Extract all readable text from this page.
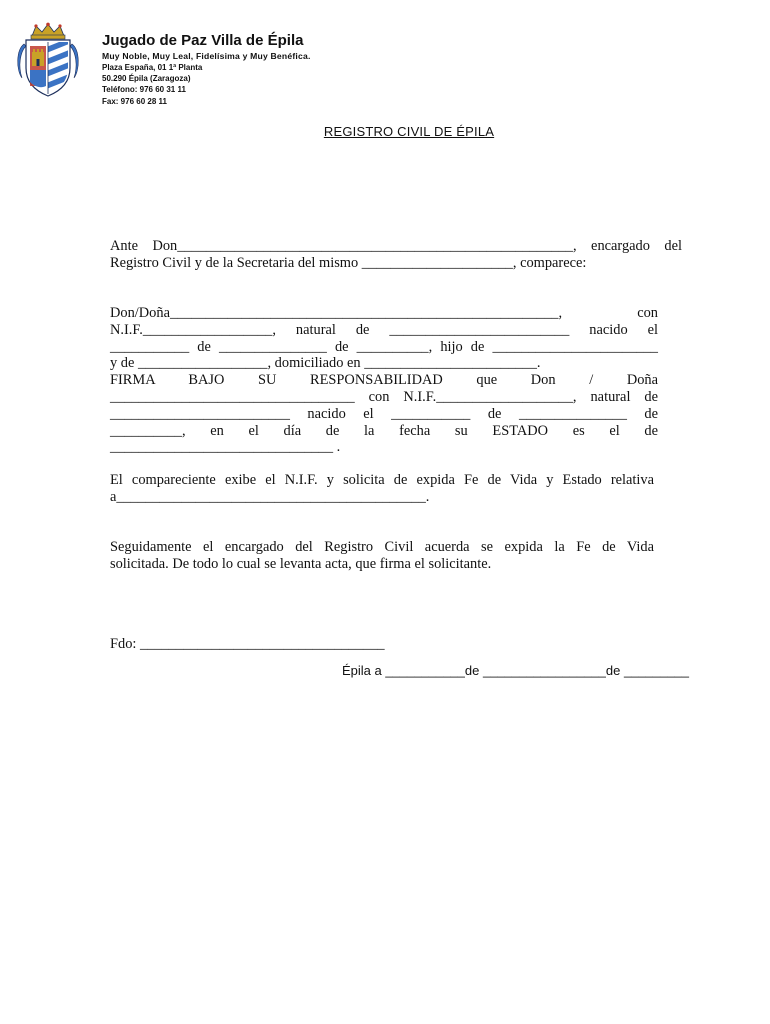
Jugado de Paz Villa de Épila
Muy Noble, Muy Leal, Fidelísima y Muy Benéfica.
Plaza España, 01 1ª Planta
50.290 Épila (Zaragoza)
Teléfono: 976 60 31 11
Fax: 976 60 28 11
REGISTRO CIVIL DE ÉPILA
Ante Don_______________________________________________________, encargado del
Registro Civil y de la Secretaria del mismo _____________________, comparece:
Don/Doña______________________________________________________, con
N.I.F.__________________, natural de _________________________ nacido el
___________ de _______________ de __________, hijo de _______________________
y de __________________, domiciliado en ________________________.
FIRMA BAJO SU RESPONSABILIDAD que Don / Doña
__________________________________ con N.I.F.___________________, natural de
_________________________ nacido el ___________ de _______________ de
__________, en el día de la fecha su ESTADO es el de
_______________________________ .
El compareciente exibe el N.I.F. y solicita de expida Fe de Vida y Estado relativa
a___________________________________________.
Seguidamente el encargado del Registro Civil acuerda se expida la Fe de Vida
solicitada. De todo lo cual se levanta acta, que firma el solicitante.
Fdo: __________________________________
Épila a ___________de _________________de _________
